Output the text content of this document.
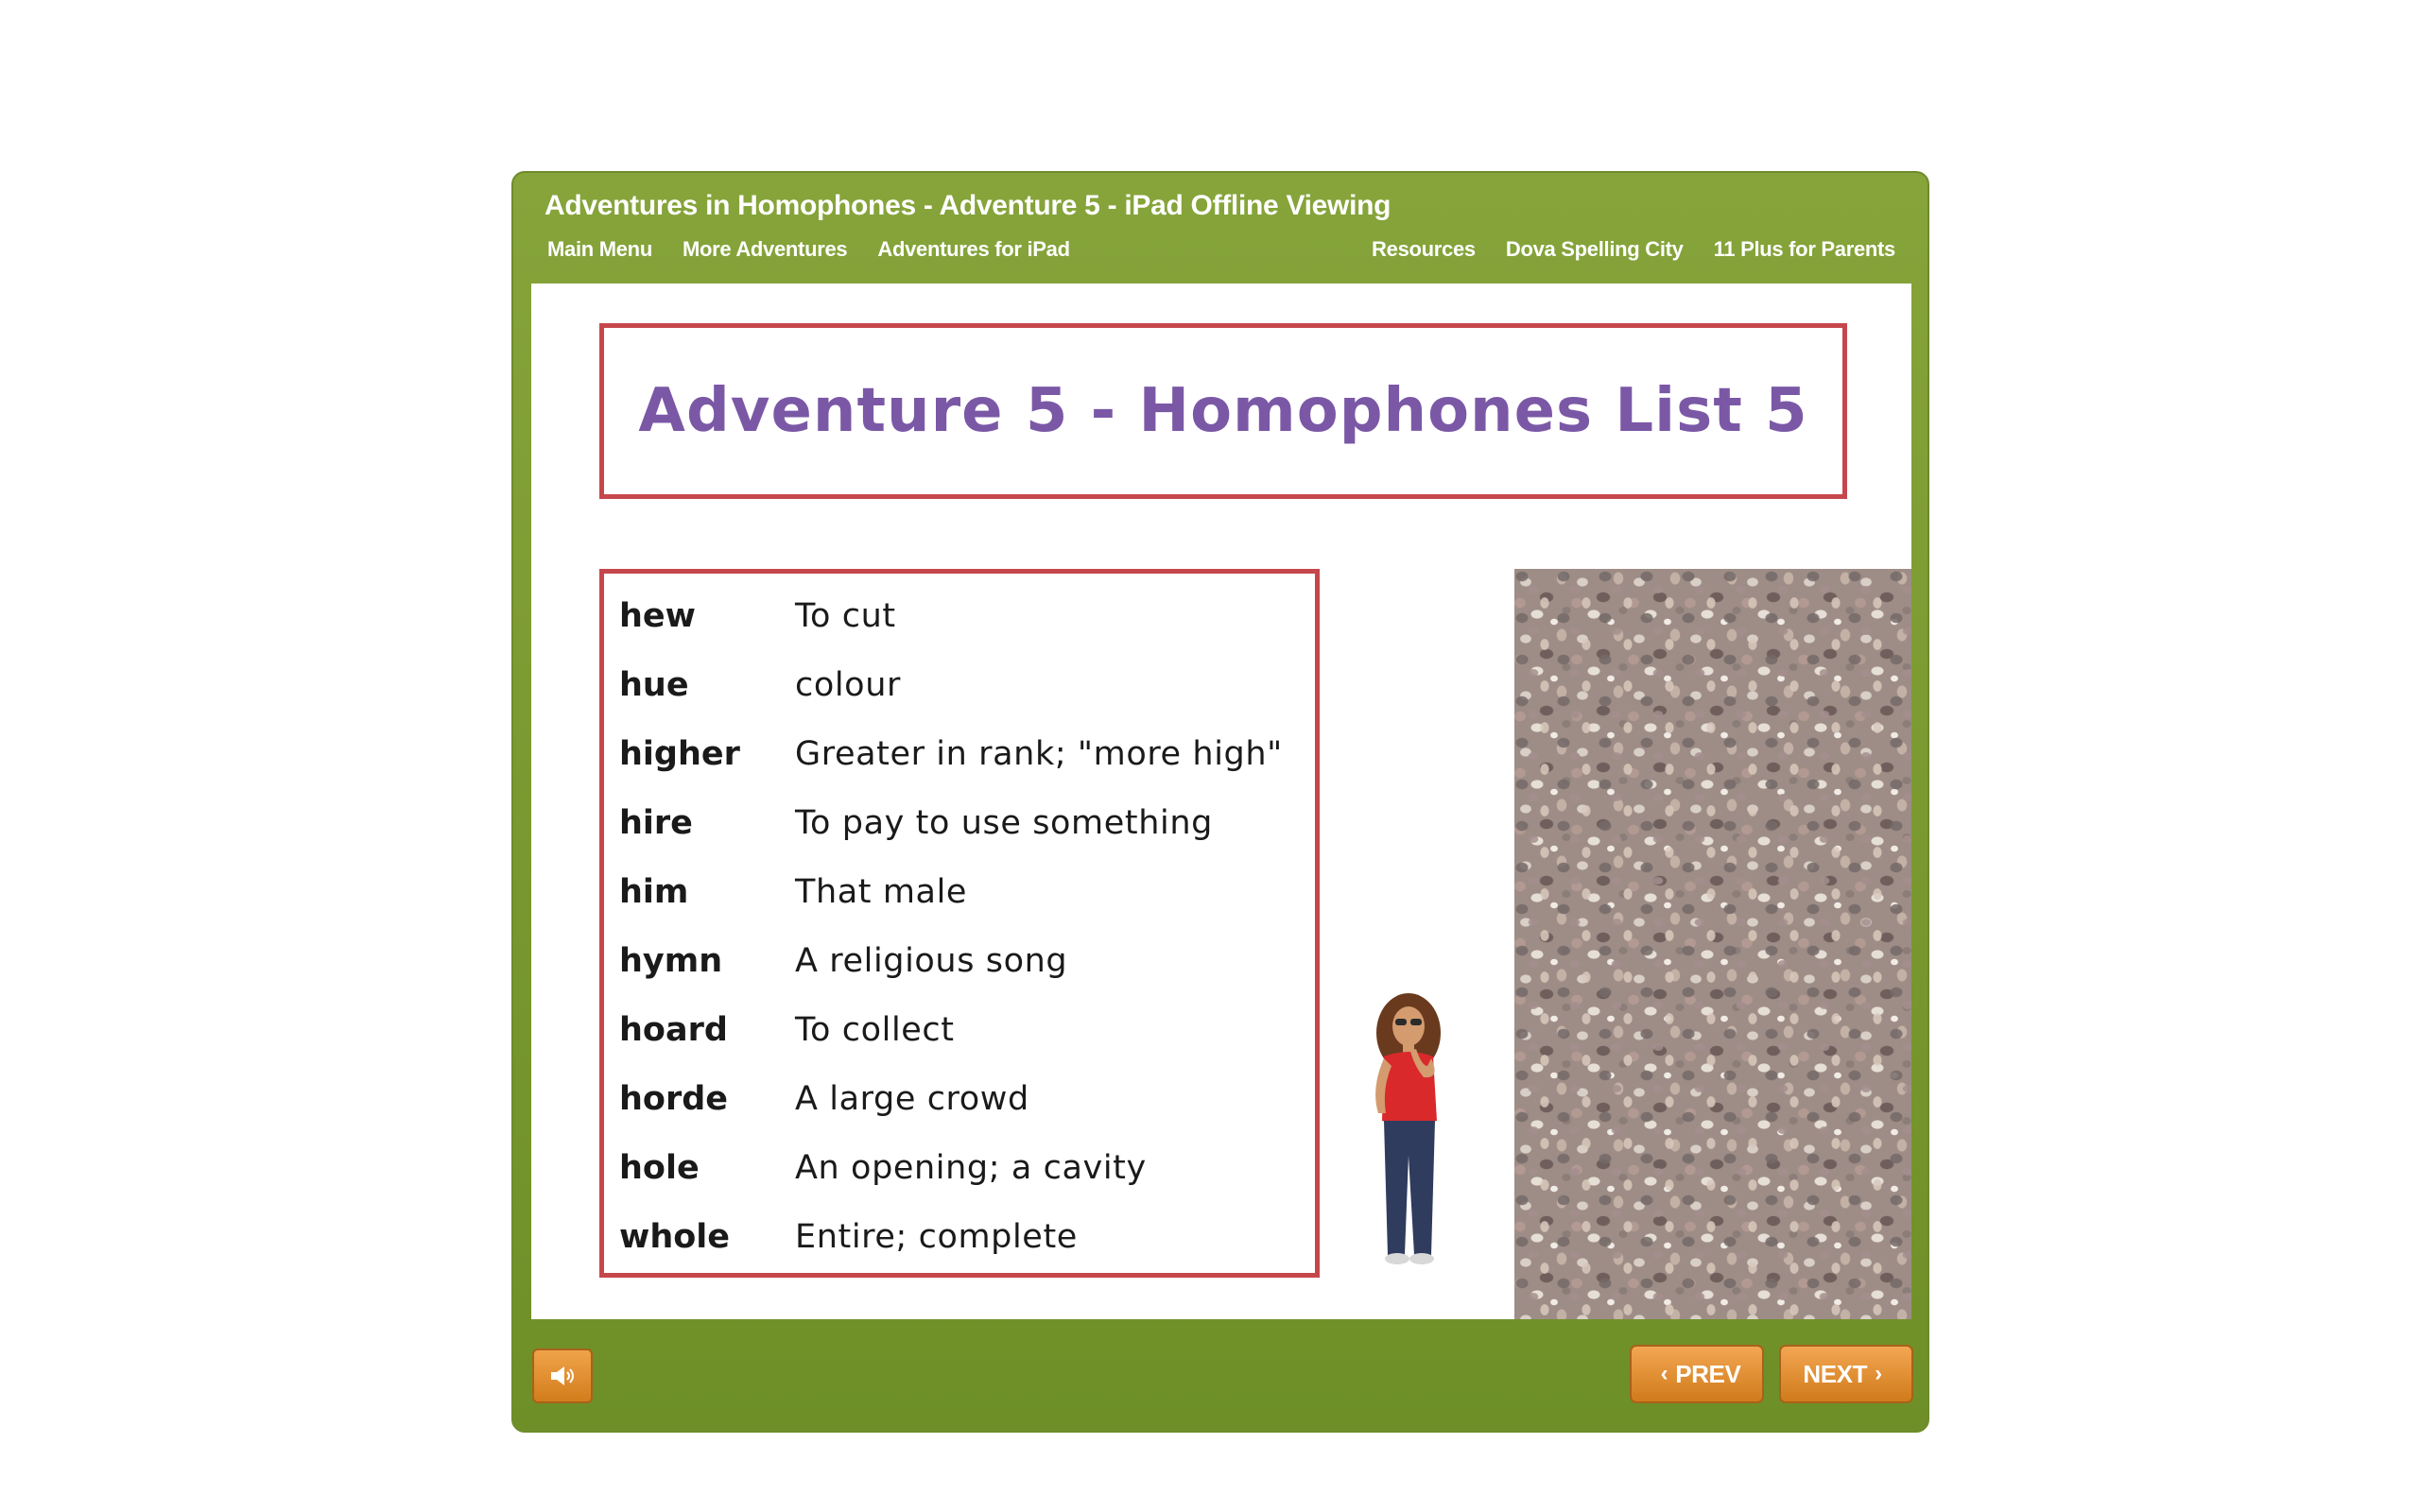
Adventures in Homophones - Adventure 5 - iPad Offline Viewing
Main Menu More Adventures Adventures for iPad	Resources Dova Spelling City 11 Plus for Parents
Adventure 5 - Homophones List 5
hew	To cut
hue	colour
higher	Greater in rank; "more high"
hire	To pay to use something
him	That male
hymn	A religious song
hoard	To collect
horde	A large crowd
hole	An opening; a cavity
whole	Entire; complete
‹ PREV	NEXT ›
